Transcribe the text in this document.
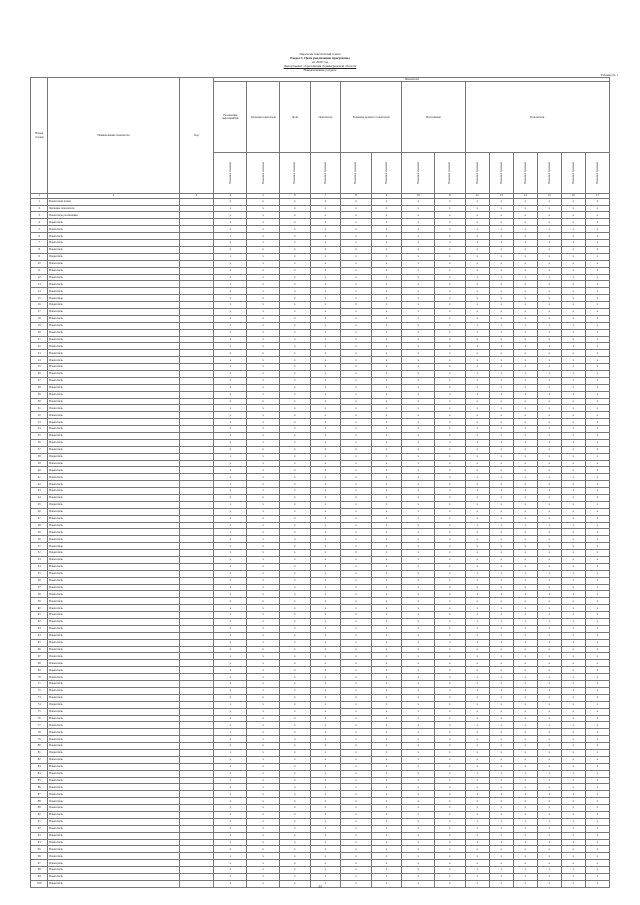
Перечень показателей плана
Раздел I. Цели реализации программы
на 2020 год
Департамент образования Ленинградской области
Наименование раздела
Таблица № 1
Номер строки	Наименование показателя	Код	Показатели													
			Реализация мероприятий	Значение показателя	Доля	Показатель	Значение целевого показателя		Исполнение		Показатели					

			Плановое значение	Плановое значение	Плановое значение	Плановое значение	Плановое значение	Плановое значение	Плановое значение	Плановое значение	Плановое значение	Плановое значение	Плановое значение	Плановое значение	Плановое значение	Плановое значение

1	2	3	4	5	6	7	8	9	10	11	12	13	14	15	16	17
1	Показатели плана		x	x	x	x	x	x	x	x	x	x	x	x	x	x
2	Значение показателя		x	x	x	x	x	x	x	x	x	x	x	x	x	x
3	Показатель реализации		x	x	x	x	x	x	x	x	x	x	x	x	x	x
4	Показатель		x	x	x	x	x	x	x	x	x	x	x	x	x	x
5	Показатель		x	x	x	x	x	x	x	x	x	x	x	x	x	x
6	Показатель		x	x	x	x	x	x	x	x	x	x	x	x	x	x
7	Показатель		x	x	x	x	x	x	x	x	x	x	x	x	x	x
8	Показатель		x	x	x	x	x	x	x	x	x	x	x	x	x	x
9	Показатель		x	x	x	x	x	x	x	x	x	x	x	x	x	x
10	Показатель		x	x	x	x	x	x	x	x	x	x	x	x	x	x
11	Показатель		x	x	x	x	x	x	x	x	x	x	x	x	x	x
12	Показатель		x	x	x	x	x	x	x	x	x	x	x	x	x	x
13	Показатель		x	x	x	x	x	x	x	x	x	x	x	x	x	x
14	Показатель		x	x	x	x	x	x	x	x	x	x	x	x	x	x
15	Показатель		x	x	x	x	x	x	x	x	x	x	x	x	x	x
16	Показатель		x	x	x	x	x	x	x	x	x	x	x	x	x	x
17	Показатель		x	x	x	x	x	x	x	x	x	x	x	x	x	x
18	Показатель		x	x	x	x	x	x	x	x	x	x	x	x	x	x
19	Показатель		x	x	x	x	x	x	x	x	x	x	x	x	x	x
20	Показатель		x	x	x	x	x	x	x	x	x	x	x	x	x	x
21	Показатель		x	x	x	x	x	x	x	x	x	x	x	x	x	x
22	Показатель		x	x	x	x	x	x	x	x	x	x	x	x	x	x
23	Показатель		x	x	x	x	x	x	x	x	x	x	x	x	x	x
24	Показатель		x	x	x	x	x	x	x	x	x	x	x	x	x	x
25	Показатель		x	x	x	x	x	x	x	x	x	x	x	x	x	x
26	Показатель		x	x	x	x	x	x	x	x	x	x	x	x	x	x
27	Показатель		x	x	x	x	x	x	x	x	x	x	x	x	x	x
28	Показатель		x	x	x	x	x	x	x	x	x	x	x	x	x	x
29	Показатель		x	x	x	x	x	x	x	x	x	x	x	x	x	x
30	Показатель		x	x	x	x	x	x	x	x	x	x	x	x	x	x
31	Показатель		x	x	x	x	x	x	x	x	x	x	x	x	x	x
32	Показатель		x	x	x	x	x	x	x	x	x	x	x	x	x	x
33	Показатель		x	x	x	x	x	x	x	x	x	x	x	x	x	x
34	Показатель		x	x	x	x	x	x	x	x	x	x	x	x	x	x
35	Показатель		x	x	x	x	x	x	x	x	x	x	x	x	x	x
36	Показатель		x	x	x	x	x	x	x	x	x	x	x	x	x	x
37	Показатель		x	x	x	x	x	x	x	x	x	x	x	x	x	x
38	Показатель		x	x	x	x	x	x	x	x	x	x	x	x	x	x
39	Показатель		x	x	x	x	x	x	x	x	x	x	x	x	x	x
40	Показатель		x	x	x	x	x	x	x	x	x	x	x	x	x	x
41	Показатель		x	x	x	x	x	x	x	x	x	x	x	x	x	x
42	Показатель		x	x	x	x	x	x	x	x	x	x	x	x	x	x
43	Показатель		x	x	x	x	x	x	x	x	x	x	x	x	x	x
44	Показатель		x	x	x	x	x	x	x	x	x	x	x	x	x	x
45	Показатель		x	x	x	x	x	x	x	x	x	x	x	x	x	x
46	Показатель		x	x	x	x	x	x	x	x	x	x	x	x	x	x
47	Показатель		x	x	x	x	x	x	x	x	x	x	x	x	x	x
48	Показатель		x	x	x	x	x	x	x	x	x	x	x	x	x	x
49	Показатель		x	x	x	x	x	x	x	x	x	x	x	x	x	x
50	Показатель		x	x	x	x	x	x	x	x	x	x	x	x	x	x
51	Показатель		x	x	x	x	x	x	x	x	x	x	x	x	x	x
52	Показатель		x	x	x	x	x	x	x	x	x	x	x	x	x	x
53	Показатель		x	x	x	x	x	x	x	x	x	x	x	x	x	x
54	Показатель		x	x	x	x	x	x	x	x	x	x	x	x	x	x
55	Показатель		x	x	x	x	x	x	x	x	x	x	x	x	x	x
56	Показатель		x	x	x	x	x	x	x	x	x	x	x	x	x	x
57	Показатель		x	x	x	x	x	x	x	x	x	x	x	x	x	x
58	Показатель		x	x	x	x	x	x	x	x	x	x	x	x	x	x
59	Показатель		x	x	x	x	x	x	x	x	x	x	x	x	x	x
60	Показатель		x	x	x	x	x	x	x	x	x	x	x	x	x	x
61	Показатель		x	x	x	x	x	x	x	x	x	x	x	x	x	x
62	Показатель		x	x	x	x	x	x	x	x	x	x	x	x	x	x
63	Показатель		x	x	x	x	x	x	x	x	x	x	x	x	x	x
64	Показатель		x	x	x	x	x	x	x	x	x	x	x	x	x	x
65	Показатель		x	x	x	x	x	x	x	x	x	x	x	x	x	x
66	Показатель		x	x	x	x	x	x	x	x	x	x	x	x	x	x
67	Показатель		x	x	x	x	x	x	x	x	x	x	x	x	x	x
68	Показатель		x	x	x	x	x	x	x	x	x	x	x	x	x	x
69	Показатель		x	x	x	x	x	x	x	x	x	x	x	x	x	x
70	Показатель		x	x	x	x	x	x	x	x	x	x	x	x	x	x
71	Показатель		x	x	x	x	x	x	x	x	x	x	x	x	x	x
72	Показатель		x	x	x	x	x	x	x	x	x	x	x	x	x	x
73	Показатель		x	x	x	x	x	x	x	x	x	x	x	x	x	x
74	Показатель		x	x	x	x	x	x	x	x	x	x	x	x	x	x
75	Показатель		x	x	x	x	x	x	x	x	x	x	x	x	x	x
76	Показатель		x	x	x	x	x	x	x	x	x	x	x	x	x	x
77	Показатель		x	x	x	x	x	x	x	x	x	x	x	x	x	x
78	Показатель		x	x	x	x	x	x	x	x	x	x	x	x	x	x
79	Показатель		x	x	x	x	x	x	x	x	x	x	x	x	x	x
80	Показатель		x	x	x	x	x	x	x	x	x	x	x	x	x	x
81	Показатель		x	x	x	x	x	x	x	x	x	x	x	x	x	x
82	Показатель		x	x	x	x	x	x	x	x	x	x	x	x	x	x
83	Показатель		x	x	x	x	x	x	x	x	x	x	x	x	x	x
84	Показатель		x	x	x	x	x	x	x	x	x	x	x	x	x	x
85	Показатель		x	x	x	x	x	x	x	x	x	x	x	x	x	x
86	Показатель		x	x	x	x	x	x	x	x	x	x	x	x	x	x
87	Показатель		x	x	x	x	x	x	x	x	x	x	x	x	x	x
88	Показатель		x	x	x	x	x	x	x	x	x	x	x	x	x	x
89	Показатель		x	x	x	x	x	x	x	x	x	x	x	x	x	x
90	Показатель		x	x	x	x	x	x	x	x	x	x	x	x	x	x
91	Показатель		x	x	x	x	x	x	x	x	x	x	x	x	x	x
92	Показатель		x	x	x	x	x	x	x	x	x	x	x	x	x	x
93	Показатель		x	x	x	x	x	x	x	x	x	x	x	x	x	x
94	Показатель		x	x	x	x	x	x	x	x	x	x	x	x	x	x
95	Показатель		x	x	x	x	x	x	x	x	x	x	x	x	x	x
96	Показатель		x	x	x	x	x	x	x	x	x	x	x	x	x	x
97	Показатель		x	x	x	x	x	x	x	x	x	x	x	x	x	x
98	Показатель		x	x	x	x	x	x	x	x	x	x	x	x	x	x
99	Показатель		x	x	x	x	x	x	x	x	x	x	x	x	x	x
100	Показатель		x	x	x	x	x	x	x	x	x	x	x	x	x	x
24
